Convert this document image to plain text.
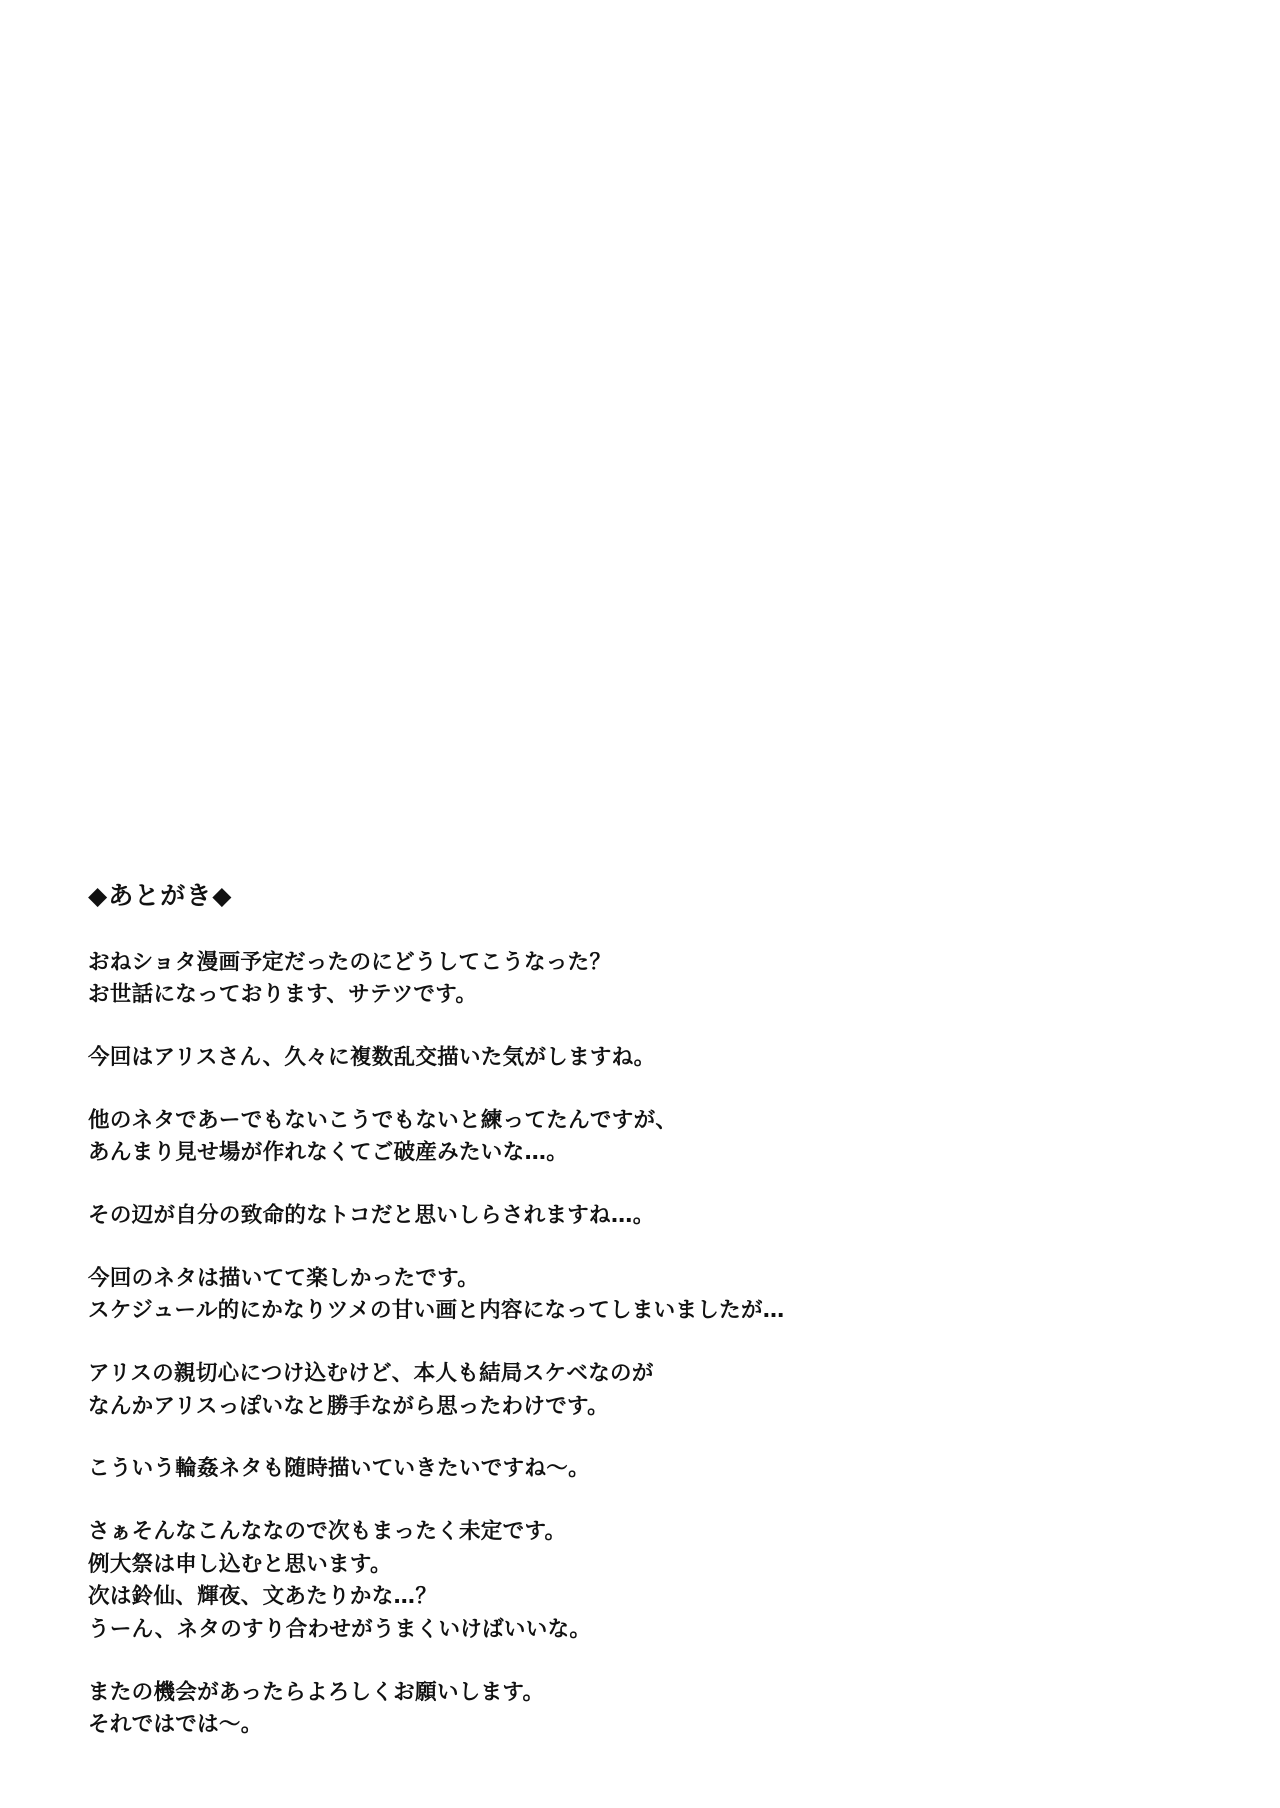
◆あとがき◆
おねショタ漫画予定だったのにどうしてこうなった？
お世話になっております、サテツです。
今回はアリスさん、久々に複数乱交描いた気がしますね。
他のネタであーでもないこうでもないと練ってたんですが、
あんまり見せ場が作れなくてご破産みたいな…。
その辺が自分の致命的なトコだと思いしらされますね…。
今回のネタは描いてて楽しかったです。
スケジュール的にかなりツメの甘い画と内容になってしまいましたが…
アリスの親切心につけ込むけど、本人も結局スケベなのが
なんかアリスっぽいなと勝手ながら思ったわけです。
こういう輪姦ネタも随時描いていきたいですね～。
さぁそんなこんななので次もまったく未定です。
例大祭は申し込むと思います。
次は鈴仙、輝夜、文あたりかな…？
うーん、ネタのすり合わせがうまくいけばいいな。
またの機会があったらよろしくお願いします。
それではでは～。
